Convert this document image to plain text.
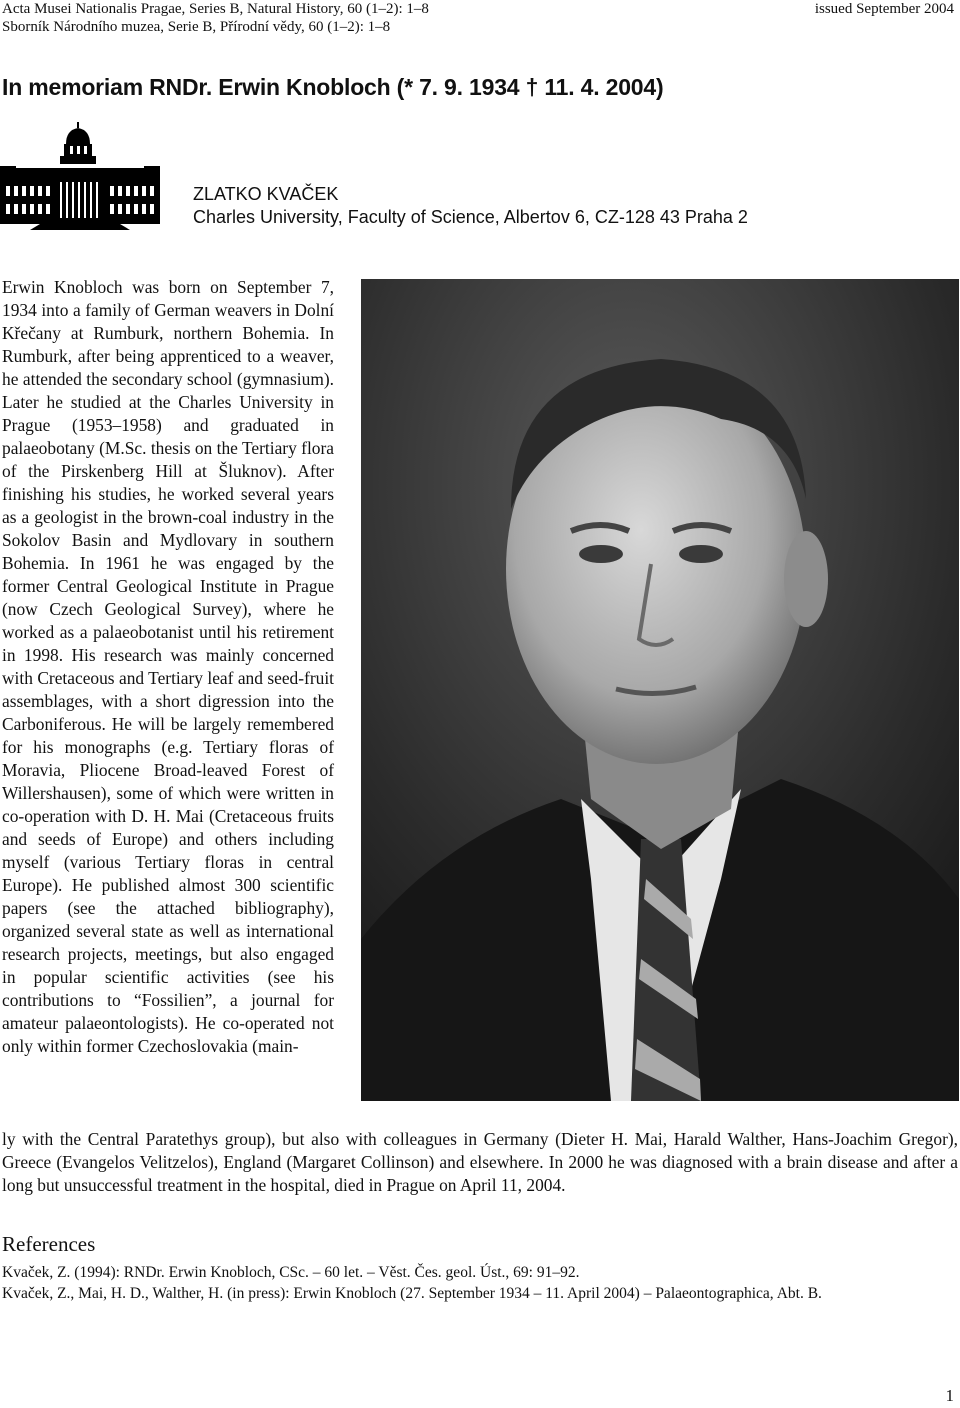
Acta Musei Nationalis Pragae, Series B, Natural History, 60 (1–2): 1–8
Sborník Národního muzea, Serie B, Přírodní vědy, 60 (1–2): 1–8
issued September 2004
In memoriam RNDr. Erwin Knobloch (* 7. 9. 1934 † 11. 4. 2004)
ZLATKO KVAČEK
Charles University, Faculty of Science, Albertov 6, CZ-128 43 Praha 2
Erwin Knobloch was born on September 7, 1934 into a family of German weavers in Dolní Křečany at Rumburk, northern Bohemia. In Rumburk, after being apprenticed to a weaver, he attended the secondary school (gymnasium). Later he studied at the Charles University in Prague (1953–1958) and graduated in palaeobotany (M.Sc. thesis on the Tertiary flora of the Pirskenberg Hill at Šluknov). After finishing his studies, he worked several years as a geologist in the brown-coal industry in the Sokolov Basin and Mydlovary in southern Bohemia. In 1961 he was engaged by the former Central Geological Institute in Prague (now Czech Geological Survey), where he worked as a palaeobotanist until his retirement in 1998. His research was mainly concerned with Cretaceous and Tertiary leaf and seed-fruit assemblages, with a short digression into the Carboniferous. He will be largely remembered for his monographs (e.g. Tertiary floras of Moravia, Pliocene Broad-leaved Forest of Willershausen), some of which were written in co-operation with D. H. Mai (Cretaceous fruits and seeds of Europe) and others including myself (various Tertiary floras in central Europe). He published almost 300 scientific papers (see the attached bibliography), organized several state as well as international research projects, meetings, but also engaged in popular scientific activities (see his contributions to “Fossilien”, a journal for amateur palaeontologists). He co-operated not only within former Czechoslovakia (main-
ly with the Central Paratethys group), but also with colleagues in Germany (Dieter H. Mai, Harald Walther, Hans-Joachim Gregor), Greece (Evangelos Velitzelos), England (Margaret Collinson) and elsewhere. In 2000 he was diagnosed with a brain disease and after a long but unsuccessful treatment in the hospital, died in Prague on April 11, 2004.
References
Kvaček, Z. (1994): RNDr. Erwin Knobloch, CSc. – 60 let. – Věst. Čes. geol. Úst., 69: 91–92.
Kvaček, Z., Mai, H. D., Walther, H. (in press): Erwin Knobloch (27. September 1934 – 11. April 2004) – Palaeontographica, Abt. B.
1
